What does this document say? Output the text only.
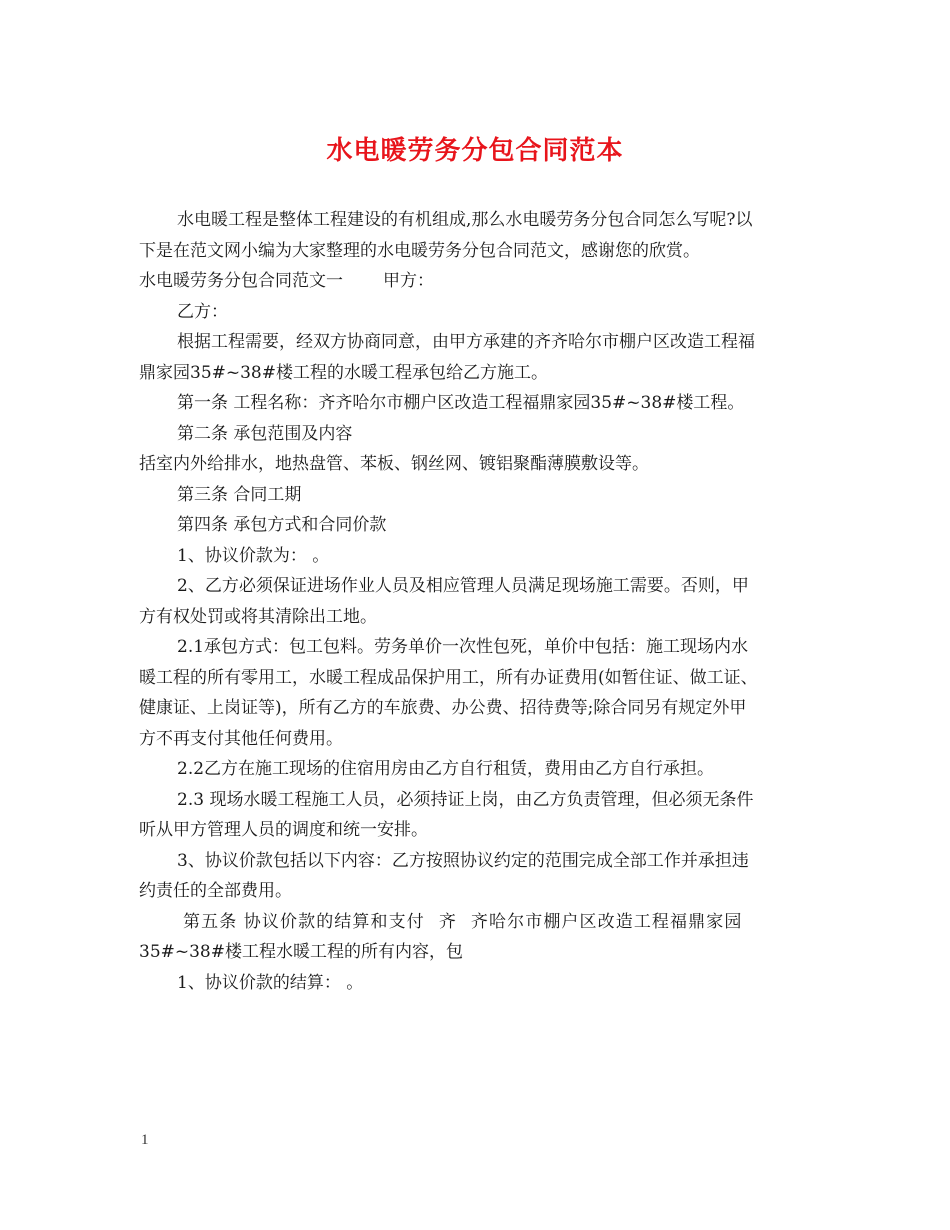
水电暖劳务分包合同范本

水电暖工程是整体工程建设的有机组成,那么水电暖劳务分包合同怎么写呢?以

下是在范文网小编为大家整理的水电暖劳务分包合同范文，感谢您的欣赏。

水电暖劳务分包合同范文一 甲方：

乙方：

根据工程需要，经双方协商同意，由甲方承建的齐齐哈尔市棚户区改造工程福

鼎家园35#~38#楼工程的水暖工程承包给乙方施工。

第一条 工程名称：齐齐哈尔市棚户区改造工程福鼎家园35#~38#楼工程。

第二条 承包范围及内容

括室内外给排水，地热盘管、苯板、钢丝网、镀铝聚酯薄膜敷设等。

第三条 合同工期

第四条 承包方式和合同价款

1、协议价款为： 。

2、乙方必须保证进场作业人员及相应管理人员满足现场施工需要。否则，甲

方有权处罚或将其清除出工地。

2.1承包方式：包工包料。劳务单价一次性包死，单价中包括：施工现场内水

暖工程的所有零用工，水暖工程成品保护用工，所有办证费用(如暂住证、做工证、

健康证、上岗证等)，所有乙方的车旅费、办公费、招待费等;除合同另有规定外甲

方不再支付其他任何费用。

2.2乙方在施工现场的住宿用房由乙方自行租赁，费用由乙方自行承担。

2.3 现场水暖工程施工人员，必须持证上岗，由乙方负责管理，但必须无条件

听从甲方管理人员的调度和统一安排。

3、协议价款包括以下内容：乙方按照协议约定的范围完成全部工作并承担违

约责任的全部费用。

第五条 协议价款的结算和支付 齐 齐哈尔市棚户区改造工程福鼎家园

35#~38#楼工程水暖工程的所有内容，包

1、协议价款的结算： 。

1
